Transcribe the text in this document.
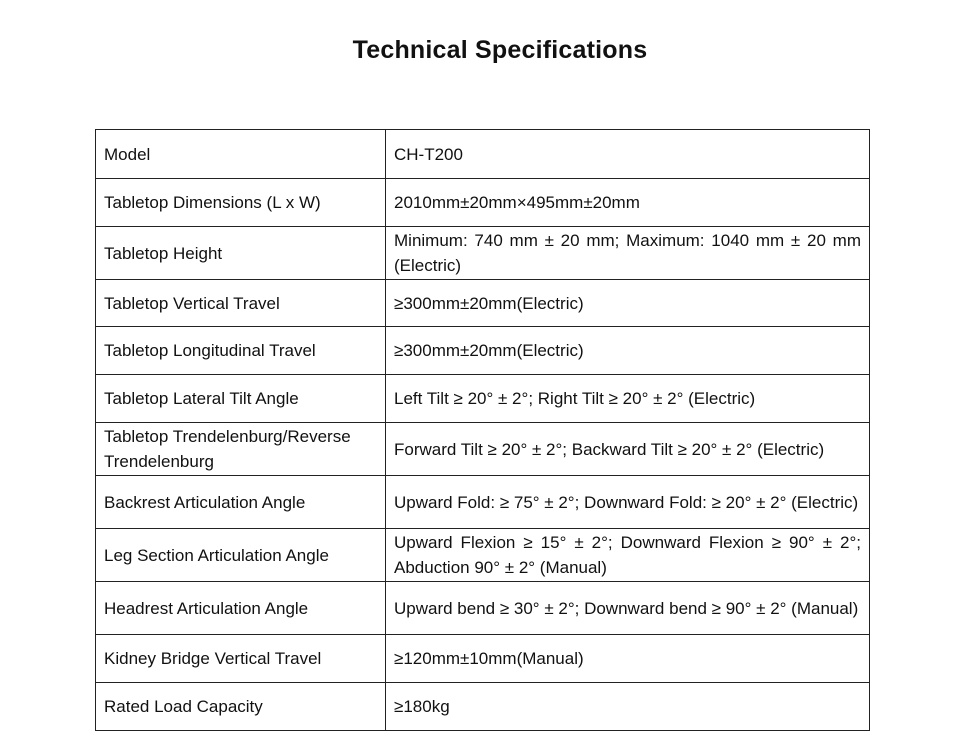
Technical Specifications
Model	CH-T200
Tabletop Dimensions (L x W)	2010mm±20mm×495mm±20mm
Tabletop Height	Minimum: 740 mm ± 20 mm; Maximum: 1040 mm ± 20 mm (Electric)
Tabletop Vertical Travel	≥300mm±20mm(Electric)
Tabletop Longitudinal Travel	≥300mm±20mm(Electric)
Tabletop Lateral Tilt Angle	Left Tilt ≥ 20° ± 2°; Right Tilt ≥ 20° ± 2° (Electric)
Tabletop Trendelenburg/Reverse Trendelenburg	Forward Tilt ≥ 20° ± 2°; Backward Tilt ≥ 20° ± 2° (Electric)
Backrest Articulation Angle	Upward Fold: ≥ 75° ± 2°; Downward Fold: ≥ 20° ± 2° (Electric)
Leg Section Articulation Angle	Upward Flexion ≥ 15° ± 2°; Downward Flexion ≥ 90° ± 2°; Abduction 90° ± 2° (Manual)
Headrest Articulation Angle	Upward bend ≥ 30° ± 2°; Downward bend ≥ 90° ± 2° (Manual)
Kidney Bridge Vertical Travel	≥120mm±10mm(Manual)
Rated Load Capacity	≥180kg
